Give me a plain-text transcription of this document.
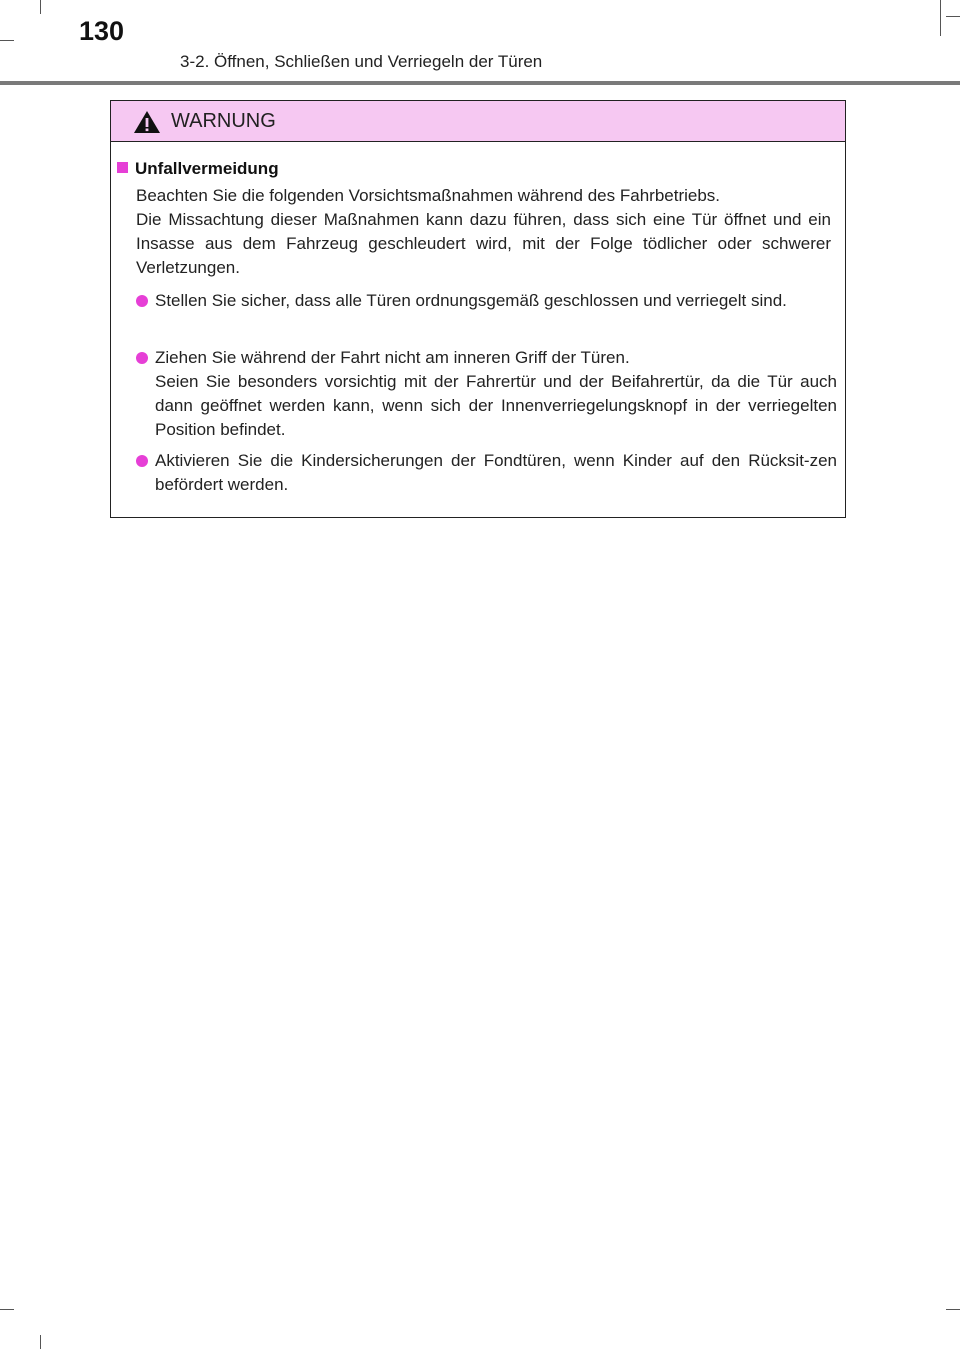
130
3-2. Öffnen, Schließen und Verriegeln der Türen
WARNUNG
Unfallvermeidung
Beachten Sie die folgenden Vorsichtsmaßnahmen während des Fahrbetriebs.
Die Missachtung dieser Maßnahmen kann dazu führen, dass sich eine Tür öffnet und ein Insasse aus dem Fahrzeug geschleudert wird, mit der Folge tödlicher oder schwerer Verletzungen.
Stellen Sie sicher, dass alle Türen ordnungsgemäß geschlossen und verriegelt sind.
Ziehen Sie während der Fahrt nicht am inneren Griff der Türen.
Seien Sie besonders vorsichtig mit der Fahrertür und der Beifahrertür, da die Tür auch dann geöffnet werden kann, wenn sich der Innenverriegelungsknopf in der verriegelten Position befindet.
Aktivieren Sie die Kindersicherungen der Fondtüren, wenn Kinder auf den Rücksit-zen befördert werden.
